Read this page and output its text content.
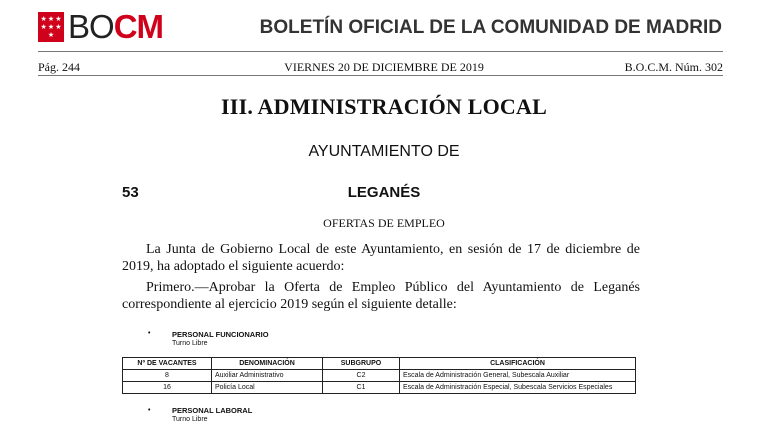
★ ★ ★
★ ★ ★
★ BOCM	BOLETÍN OFICIAL DE LA COMUNIDAD DE MADRID
Pág. 244	VIERNES 20 DE DICIEMBRE DE 2019	B.O.C.M. Núm. 302
III. ADMINISTRACIÓN LOCAL
AYUNTAMIENTO DE
53	LEGANÉS
OFERTAS DE EMPLEO

La Junta de Gobierno Local de este Ayuntamiento, en sesión de 17 de diciembre de 2019, ha adoptado el siguiente acuerdo:

Primero.—Aprobar la Oferta de Empleo Público del Ayuntamiento de Leganés correspondiente al ejercicio 2019 según el siguiente detalle:

•	PERSONAL FUNCIONARIO
Turno Libre
Nº DE VACANTES	DENOMINACIÓN	SUBGRUPO	CLASIFICACIÓN
8	Auxiliar Administrativo	C2	Escala de Administración General, Subescala Auxiliar
16	Policía Local	C1	Escala de Administración Especial, Subescala Servicios Especiales
•	PERSONAL LABORAL
Turno Libre
